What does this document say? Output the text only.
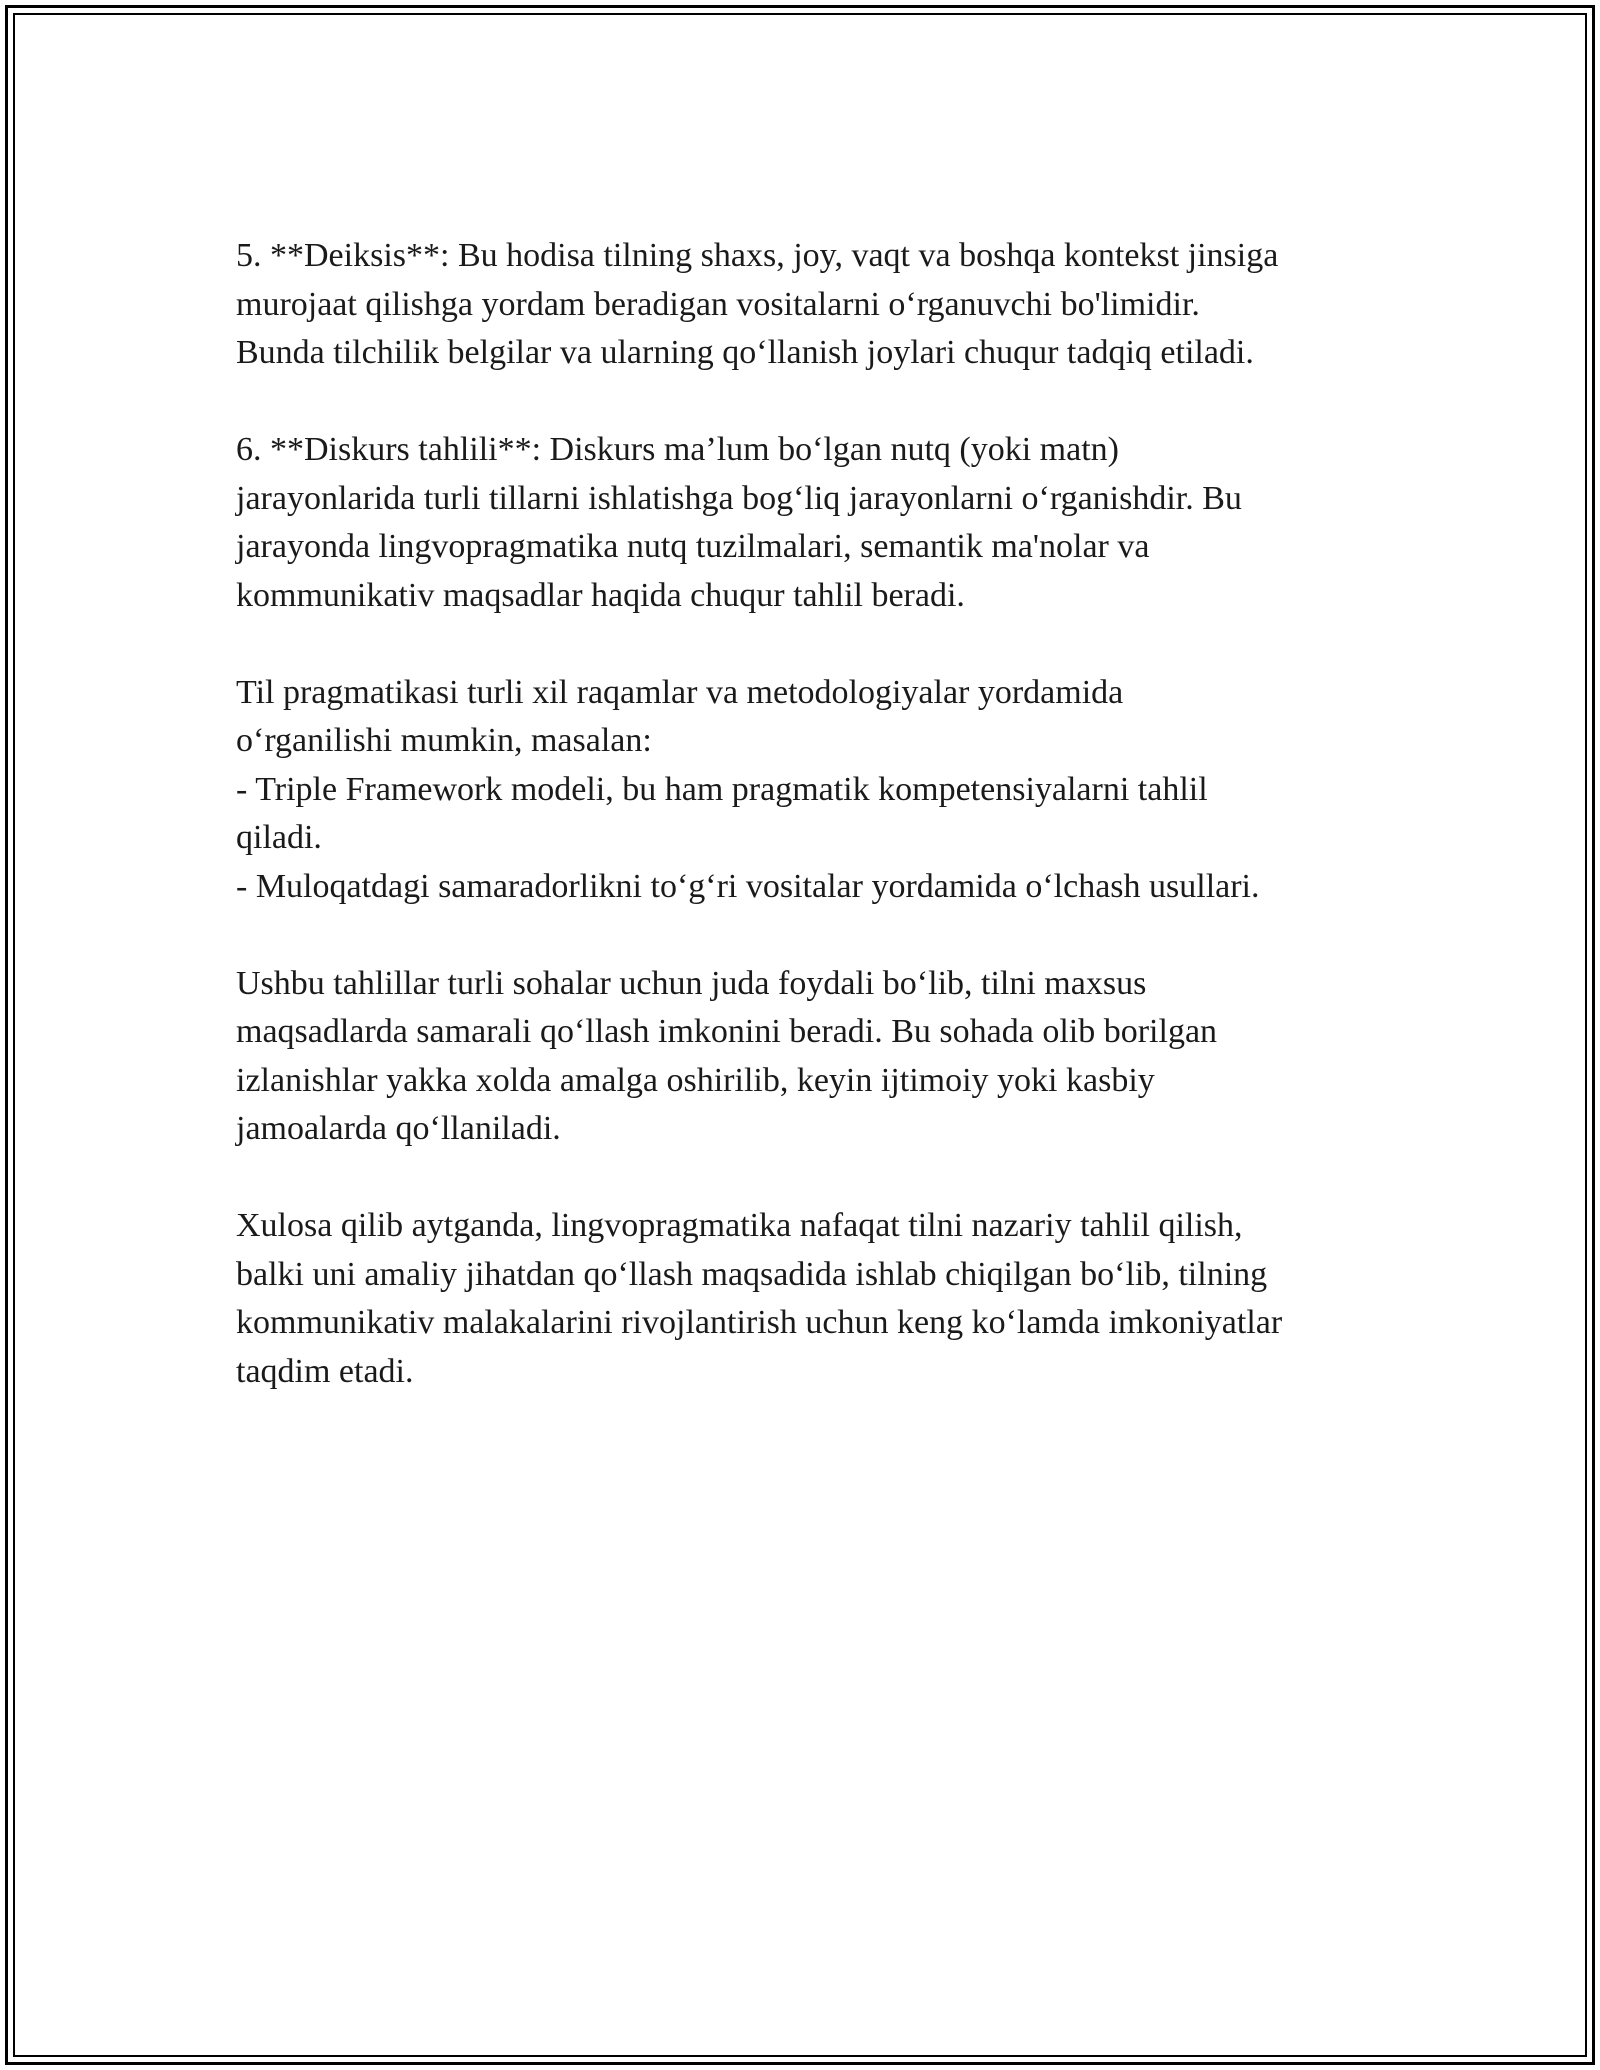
5. **Deiksis**: Bu hodisa tilning shaxs, joy, vaqt va boshqa kontekst jinsiga
murojaat qilishga yordam beradigan vositalarni o‘rganuvchi bo'limidir.
Bunda tilchilik belgilar va ularning qo‘llanish joylari chuqur tadqiq etiladi.

6. **Diskurs tahlili**: Diskurs ma’lum bo‘lgan nutq (yoki matn)
jarayonlarida turli tillarni ishlatishga bog‘liq jarayonlarni o‘rganishdir. Bu
jarayonda lingvopragmatika nutq tuzilmalari, semantik ma'nolar va
kommunikativ maqsadlar haqida chuqur tahlil beradi.

Til pragmatikasi turli xil raqamlar va metodologiyalar yordamida
o‘rganilishi mumkin, masalan:
- Triple Framework modeli, bu ham pragmatik kompetensiyalarni tahlil
qiladi.
- Muloqatdagi samaradorlikni to‘g‘ri vositalar yordamida o‘lchash usullari.

Ushbu tahlillar turli sohalar uchun juda foydali bo‘lib, tilni maxsus
maqsadlarda samarali qo‘llash imkonini beradi. Bu sohada olib borilgan
izlanishlar yakka xolda amalga oshirilib, keyin ijtimoiy yoki kasbiy
jamoalarda qo‘llaniladi.

Xulosa qilib aytganda, lingvopragmatika nafaqat tilni nazariy tahlil qilish,
balki uni amaliy jihatdan qo‘llash maqsadida ishlab chiqilgan bo‘lib, tilning
kommunikativ malakalarini rivojlantirish uchun keng ko‘lamda imkoniyatlar
taqdim etadi.
